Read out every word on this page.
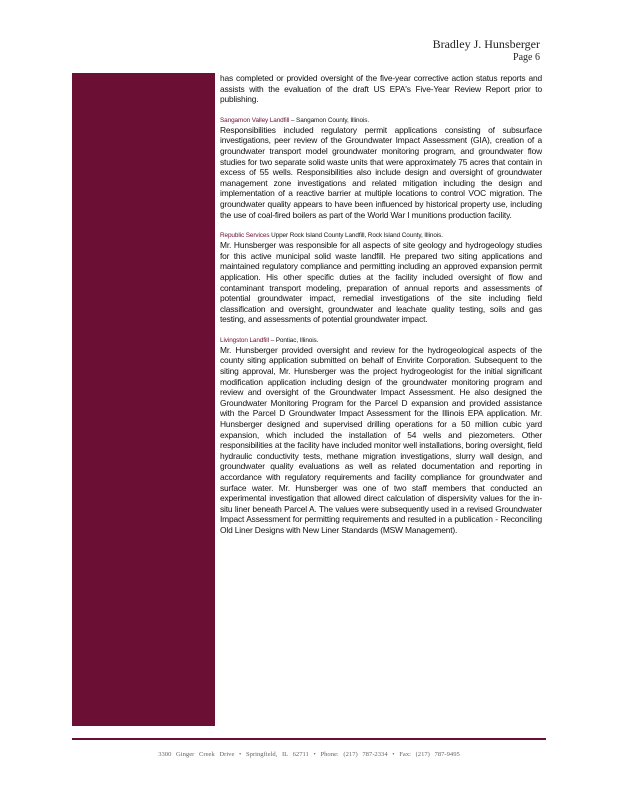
Bradley J. Hunsberger
Page 6

has completed or provided oversight of the five-year corrective action status reports and assists with the evaluation of the draft US EPA's Five-Year Review Report prior to publishing.

Sangamon Valley Landfill – Sangamon County, Illinois.

Responsibilities included regulatory permit applications consisting of subsurface investigations, peer review of the Groundwater Impact Assessment (GIA), creation of a groundwater transport model groundwater monitoring program, and groundwater flow studies for two separate solid waste units that were approximately 75 acres that contain in excess of 55 wells. Responsibilities also include design and oversight of groundwater management zone investigations and related mitigation including the design and implementation of a reactive barrier at multiple locations to control VOC migration. The groundwater quality appears to have been influenced by historical property use, including the use of coal-fired boilers as part of the World War I munitions production facility.

Republic Services Upper Rock Island County Landfill, Rock Island County, Illinois.

Mr. Hunsberger was responsible for all aspects of site geology and hydrogeology studies for this active municipal solid waste landfill. He prepared two siting applications and maintained regulatory compliance and permitting including an approved expansion permit application. His other specific duties at the facility included oversight of flow and contaminant transport modeling, preparation of annual reports and assessments of potential groundwater impact, remedial investigations of the site including field classification and oversight, groundwater and leachate quality testing, soils and gas testing, and assessments of potential groundwater impact.

Livingston Landfill – Pontiac, Illinois.

Mr. Hunsberger provided oversight and review for the hydrogeological aspects of the county siting application submitted on behalf of Envirite Corporation. Subsequent to the siting approval, Mr. Hunsberger was the project hydrogeologist for the initial significant modification application including design of the groundwater monitoring program and review and oversight of the Groundwater Impact Assessment. He also designed the Groundwater Monitoring Program for the Parcel D expansion and provided assistance with the Parcel D Groundwater Impact Assessment for the Illinois EPA application. Mr. Hunsberger designed and supervised drilling operations for a 50 million cubic yard expansion, which included the installation of 54 wells and piezometers. Other responsibilities at the facility have included monitor well installations, boring oversight, field hydraulic conductivity tests, methane migration investigations, slurry wall design, and groundwater quality evaluations as well as related documentation and reporting in accordance with regulatory requirements and facility compliance for groundwater and surface water. Mr. Hunsberger was one of two staff members that conducted an experimental investigation that allowed direct calculation of dispersivity values for the in-situ liner beneath Parcel A. The values were subsequently used in a revised Groundwater Impact Assessment for permitting requirements and resulted in a publication - Reconciling Old Liner Designs with New Liner Standards (MSW Management).

3300 Ginger Creek Drive • Springfield, IL 62711 • Phone: (217) 787-2334 • Fax: (217) 787-9495
